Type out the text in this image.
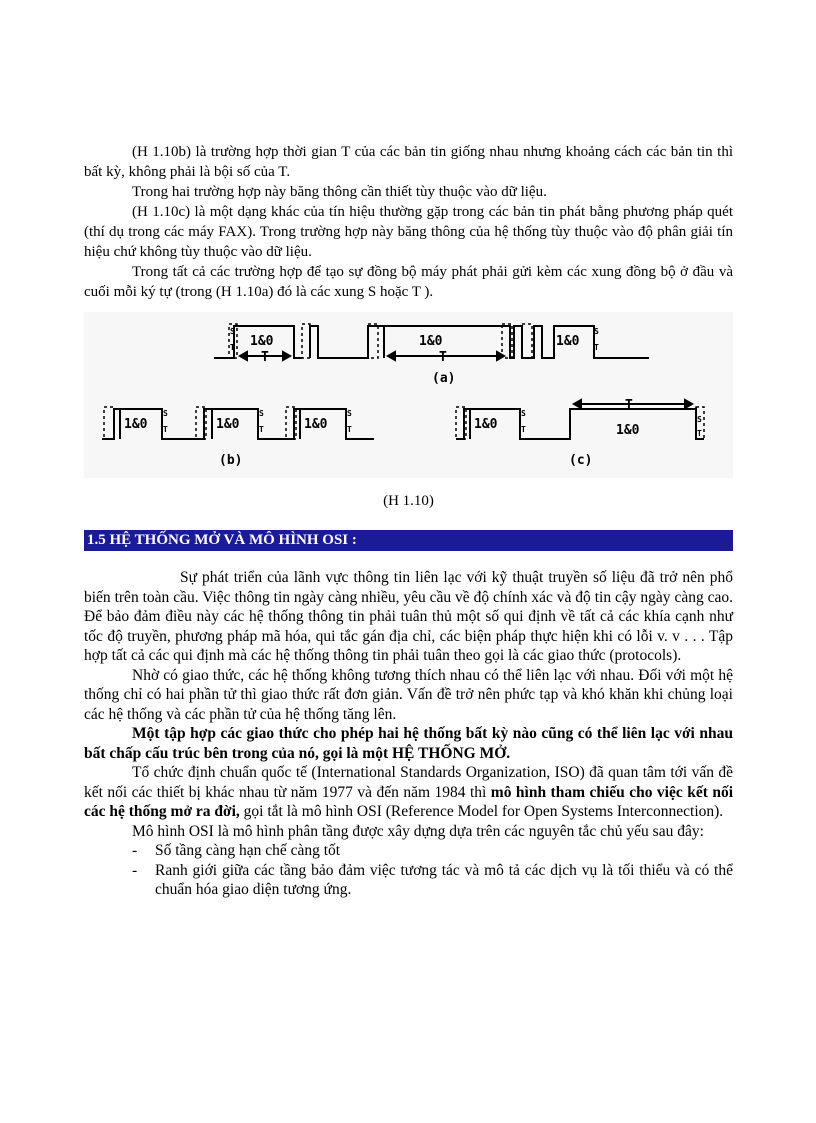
(H 1.10b) là trường hợp thời gian T của các bản tin giống nhau nhưng khoảng cách các bản tin thì bất kỳ, không phải là bội số của T.

Trong hai trường hợp này băng thông cần thiết tùy thuộc vào dữ liệu.

(H 1.10c) là một dạng khác của tín hiệu thường gặp trong các bản tin phát bằng phương pháp quét (thí dụ trong các máy FAX). Trong trường hợp này băng thông của hệ thống tùy thuộc vào độ phân giải tín hiệu chứ không tùy thuộc vào dữ liệu.

Trong tất cả các trường hợp để tạo sự đồng bộ máy phát phải gửi kèm các xung đồng bộ ở đầu và cuối mỗi ký tự (trong (H 1.10a) đó là các xung S hoặc T ).

1&0	1&0	1&0
1&0	1&0	1&0	1&0	1&0
T	T
T
(a)
(b)	(c)
S
T
S
T
S
T
S
T
S
T
S
T
S
T
(H 1.10)
1.5 HỆ THỐNG MỞ VÀ MÔ HÌNH OSI :

Sự phát triển của lãnh vực thông tin liên lạc với kỹ thuật truyền số liệu đã trở nên phổ biến trên toàn cầu. Việc thông tin ngày càng nhiều, yêu cầu về độ chính xác và độ tin cậy ngày càng cao. Để bảo đảm điều này các hệ thống thông tin phải tuân thủ một số qui định về tất cả các khía cạnh như tốc độ truyền, phương pháp mã hóa, qui tắc gán địa chỉ, các biện pháp thực hiện khi có lỗi v. v . . . Tập hợp tất cả các qui định mà các hệ thống thông tin phải tuân theo gọi là các giao thức (protocols).

Nhờ có giao thức, các hệ thống không tương thích nhau có thể liên lạc với nhau. Đối với một hệ thống chỉ có hai phần tử thì giao thức rất đơn giản. Vấn đề trở nên phức tạp và khó khăn khi chủng loại các hệ thống và các phần tử của hệ thống tăng lên.

Một tập hợp các giao thức cho phép hai hệ thống bất kỳ nào cũng có thể liên lạc với nhau bất chấp cấu trúc bên trong của nó, gọi là một HỆ THỐNG MỞ.

Tổ chức định chuẩn quốc tế (International Standards Organization, ISO) đã quan tâm tới vấn đề kết nối các thiết bị khác nhau từ năm 1977 và đến năm 1984 thì mô hình tham chiếu cho việc kết nối các hệ thống mở ra đời, gọi tắt là mô hình OSI (Reference Model for Open Systems Interconnection).

Mô hình OSI là mô hình phân tầng được xây dựng dựa trên các nguyên tắc chủ yếu sau đây:

- Số tầng càng hạn chế càng tốt
- Ranh giới giữa các tầng bảo đảm việc tương tác và mô tả các dịch vụ là tối thiểu và có thể chuẩn hóa giao diện tương ứng.
